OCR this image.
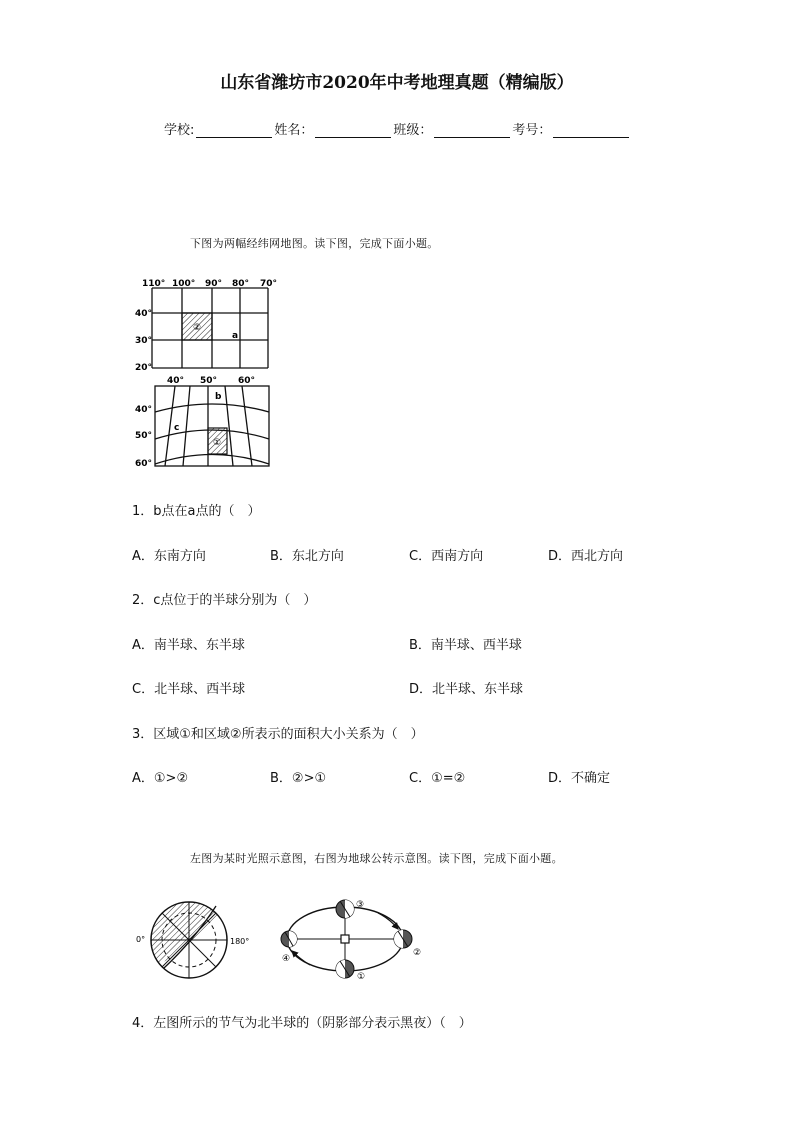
山东省潍坊市2020年中考地理真题（精编版）
学校:	姓名：	班级：	考号：
下图为两幅经纬网地图。读下图，完成下面小题。
②
a
110° 100° 90° 80° 70°
40°
30°
20°
①
b
c
40° 50° 60°
40°
50°
60°
1．b点在a点的（　）
A．东南方向	B．东北方向	C．西南方向	D．西北方向
2．c点位于的半球分别为（　）
A．南半球、东半球	B．南半球、西半球
C．北半球、西半球	D．北半球、东半球
3．区域①和区域②所表示的面积大小关系为（　）
A．①>②	B．②>①	C．①=②	D．不确定
左图为某时光照示意图，右图为地球公转示意图。读下图，完成下面小题。
0°	180°
③
②
①
④
4．左图所示的节气为北半球的（阴影部分表示黑夜）（　）
